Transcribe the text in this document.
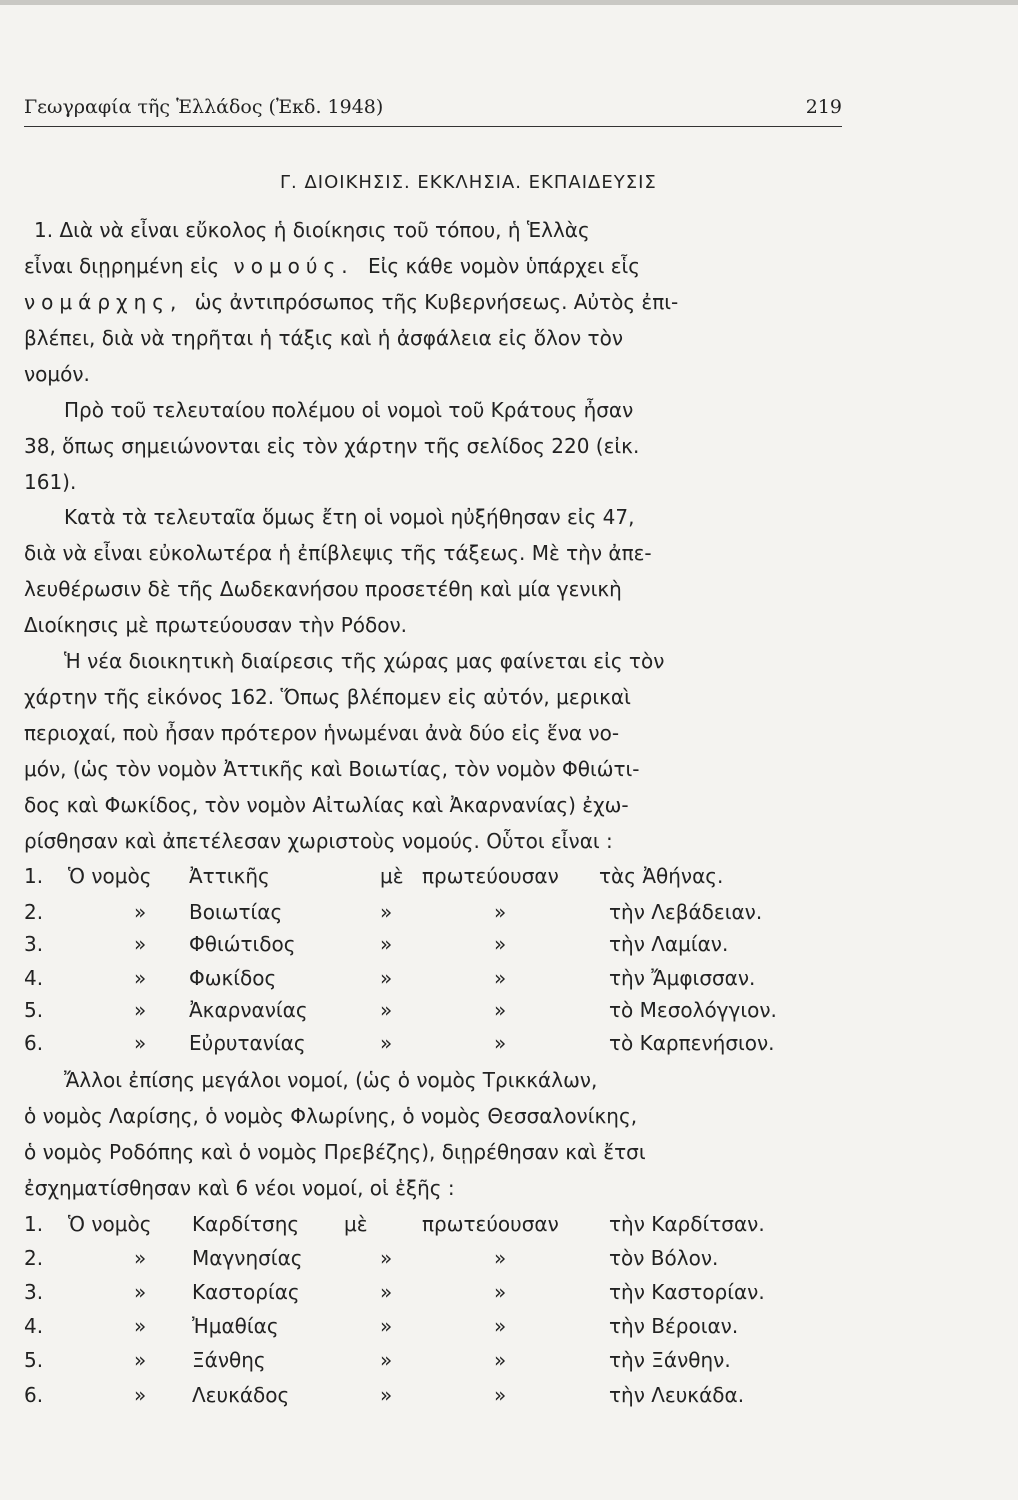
Γεωγραφία τῆς Ἑλλάδος (Ἐκδ. 1948)	219
Γ. ΔΙΟΙΚΗΣΙΣ. ΕΚΚΛΗΣΙΑ. ΕΚΠΑΙΔΕΥΣΙΣ
1. Διὰ νὰ εἶναι εὔκολος ἡ διοίκησις τοῦ τόπου, ἡ Ἑλλὰς
εἶναι διῃρημένη εἰς νομούς. Εἰς κάθε νομὸν ὑπάρχει εἷς
νομάρχης, ὡς ἀντιπρόσωπος τῆς Κυβερνήσεως. Αὐτὸς ἐπι-
βλέπει, διὰ νὰ τηρῆται ἡ τάξις καὶ ἡ ἀσφάλεια εἰς ὅλον τὸν
νομόν.
Πρὸ τοῦ τελευταίου πολέμου οἱ νομοὶ τοῦ Κράτους ἦσαν
38, ὅπως σημειώνονται εἰς τὸν χάρτην τῆς σελίδος 220 (εἰκ.
161).
Κατὰ τὰ τελευταῖα ὅμως ἔτη οἱ νομοὶ ηὐξήθησαν εἰς 47,
διὰ νὰ εἶναι εὐκολωτέρα ἡ ἐπίβλεψις τῆς τάξεως. Μὲ τὴν ἀπε-
λευθέρωσιν δὲ τῆς Δωδεκανήσου προσετέθη καὶ μία γενικὴ
Διοίκησις μὲ πρωτεύουσαν τὴν Ρόδον.
Ἡ νέα διοικητικὴ διαίρεσις τῆς χώρας μας φαίνεται εἰς τὸν
χάρτην τῆς εἰκόνος 162. Ὅπως βλέπομεν εἰς αὐτόν, μερικαὶ
περιοχαί, ποὺ ἦσαν πρότερον ἡνωμέναι ἀνὰ δύο εἰς ἕνα νο-
μόν, (ὡς τὸν νομὸν Ἀττικῆς καὶ Βοιωτίας, τὸν νομὸν Φθιώτι-
δος καὶ Φωκίδος, τὸν νομὸν Αἰτωλίας καὶ Ἀκαρνανίας) ἐχω-
ρίσθησαν καὶ ἀπετέλεσαν χωριστοὺς νομούς. Οὗτοι εἶναι :
1. Ὁ νομὸς Ἀττικῆς	μὲ πρωτεύουσαν τὰς Ἀθήνας.
2.	» Βοιωτίας	»	»	τὴν Λεβάδειαν.
3.	» Φθιώτιδος	»	»	τὴν Λαμίαν.
4.	» Φωκίδος	»	»	τὴν Ἄμφισσαν.
5.	» Ἀκαρνανίας	»	»	τὸ Μεσολόγγιον.
6.	» Εὐρυτανίας	»	»	τὸ Καρπενήσιον.
Ἄλλοι ἐπίσης μεγάλοι νομοί, (ὡς ὁ νομὸς Τρικκάλων,
ὁ νομὸς Λαρίσης, ὁ νομὸς Φλωρίνης, ὁ νομὸς Θεσσαλονίκης,
ὁ νομὸς Ροδόπης καὶ ὁ νομὸς Πρεβέζης), διῃρέθησαν καὶ ἔτσι
ἐσχηματίσθησαν καὶ 6 νέοι νομοί, οἱ ἑξῆς :
1. Ὁ νομὸς Καρδίτσης μὲ	πρωτεύουσαν	τὴν Καρδίτσαν.
2.	» Μαγνησίας	»	»	τὸν Βόλον.
3.	» Καστορίας	»	»	τὴν Καστορίαν.
4.	» Ἠμαθίας	»	»	τὴν Βέροιαν.
5.	» Ξάνθης	»	»	τὴν Ξάνθην.
6.	» Λευκάδος	»	»	τὴν Λευκάδα.
